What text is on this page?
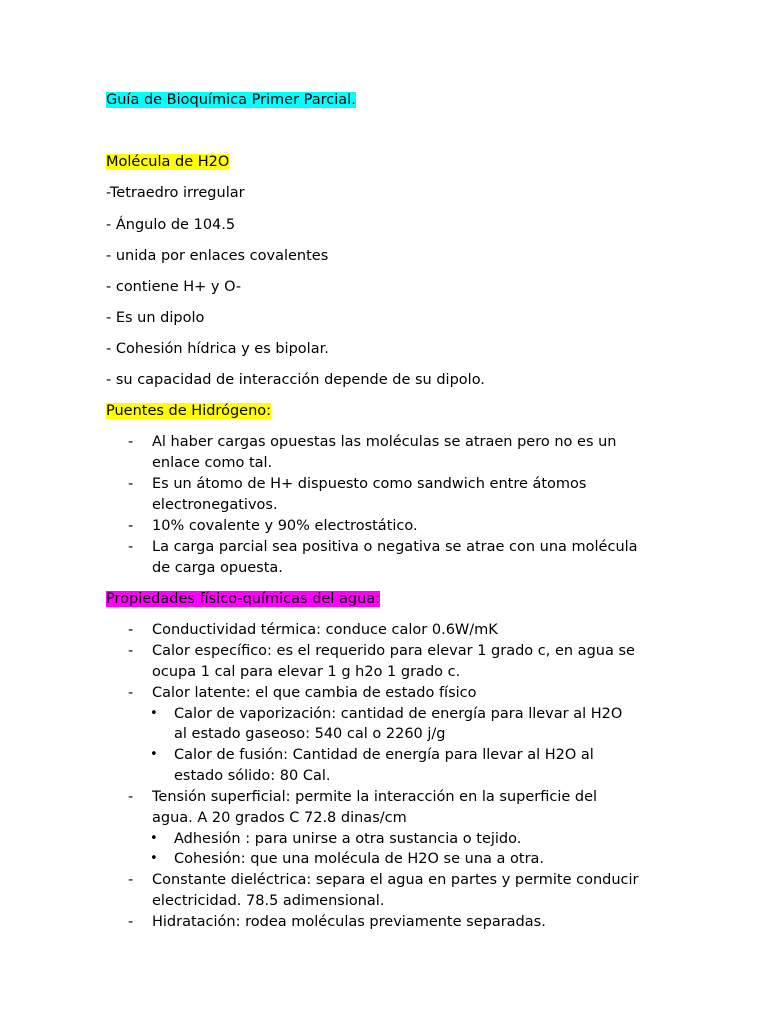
Guía de Bioquímica Primer Parcial.
Molécula de H2O
-Tetraedro irregular
- Ángulo de 104.5
- unida por enlaces covalentes
- contiene H+ y O-
- Es un dipolo
- Cohesión hídrica y es bipolar.
- su capacidad de interacción depende de su dipolo.
Puentes de Hidrógeno:
- Al haber cargas opuestas las moléculas se atraen pero no es un
enlace como tal.
- Es un átomo de H+ dispuesto como sandwich entre átomos
electronegativos.
- 10% covalente y 90% electrostático.
- La carga parcial sea positiva o negativa se atrae con una molécula
de carga opuesta.
Propiedades físico-químicas del agua:
- Conductividad térmica: conduce calor 0.6W/mK
- Calor específico: es el requerido para elevar 1 grado c, en agua se
ocupa 1 cal para elevar 1 g h2o 1 grado c.
- Calor latente: el que cambia de estado físico
• Calor de vaporización: cantidad de energía para llevar al H2O
al estado gaseoso: 540 cal o 2260 j/g
• Calor de fusión: Cantidad de energía para llevar al H2O al
estado sólido: 80 Cal.
- Tensión superficial: permite la interacción en la superficie del
agua. A 20 grados C 72.8 dinas/cm
• Adhesión : para unirse a otra sustancia o tejido.
• Cohesión: que una molécula de H2O se una a otra.
- Constante dieléctrica: separa el agua en partes y permite conducir
electricidad. 78.5 adimensional.
- Hidratación: rodea moléculas previamente separadas.
